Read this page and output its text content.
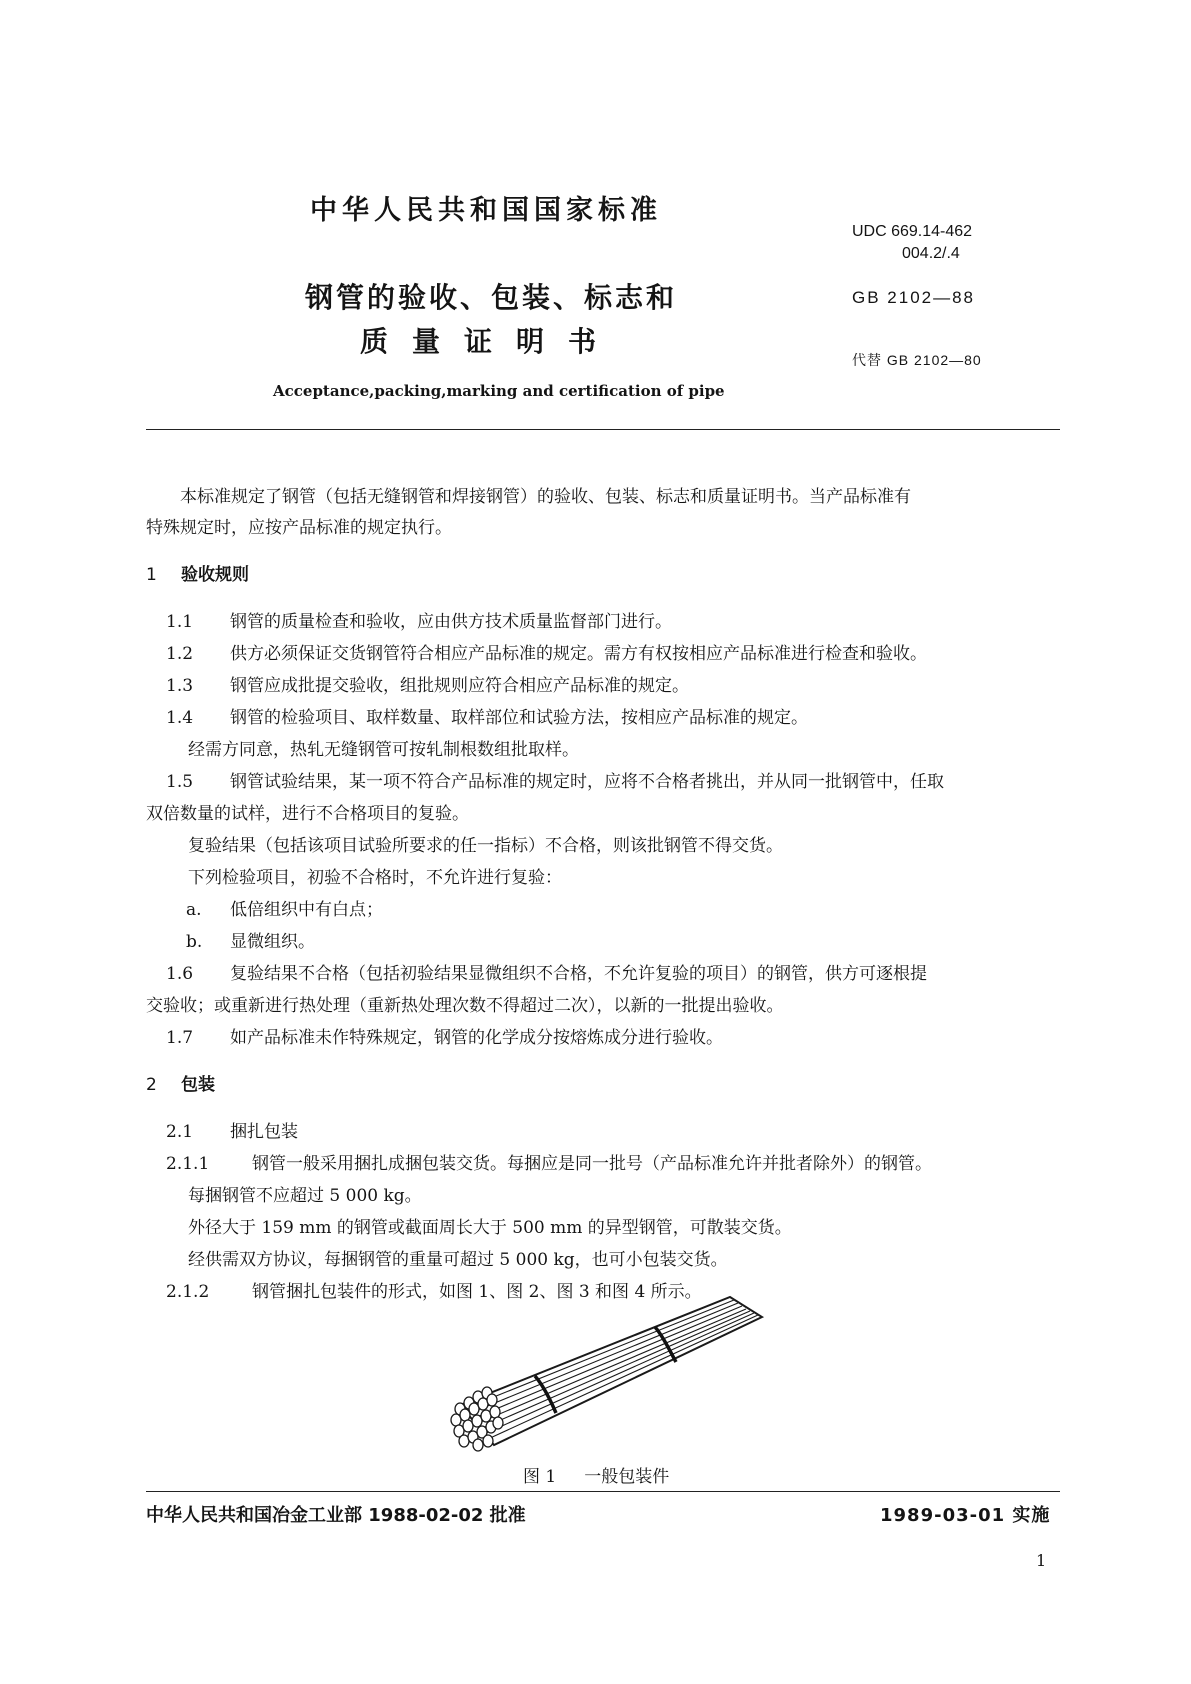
中华人民共和国国家标准
UDC 669.14-462
004.2/.4
钢管的验收、包装、标志和	GB 2102—88
质量证明书
代替 GB 2102—80
Acceptance,packing,marking and certification of pipe
本标准规定了钢管（包括无缝钢管和焊接钢管）的验收、包装、标志和质量证明书。当产品标准有
特殊规定时，应按产品标准的规定执行。
1 验收规则
1.1 钢管的质量检查和验收，应由供方技术质量监督部门进行。
1.2 供方必须保证交货钢管符合相应产品标准的规定。需方有权按相应产品标准进行检查和验收。
1.3 钢管应成批提交验收，组批规则应符合相应产品标准的规定。
1.4 钢管的检验项目、取样数量、取样部位和试验方法，按相应产品标准的规定。
经需方同意，热轧无缝钢管可按轧制根数组批取样。
1.5 钢管试验结果，某一项不符合产品标准的规定时，应将不合格者挑出，并从同一批钢管中，任取
双倍数量的试样，进行不合格项目的复验。
复验结果（包括该项目试验所要求的任一指标）不合格，则该批钢管不得交货。
下列检验项目，初验不合格时，不允许进行复验：
a. 低倍组织中有白点；
b. 显微组织。
1.6 复验结果不合格（包括初验结果显微组织不合格，不允许复验的项目）的钢管，供方可逐根提
交验收；或重新进行热处理（重新热处理次数不得超过二次），以新的一批提出验收。
1.7 如产品标准未作特殊规定，钢管的化学成分按熔炼成分进行验收。
2 包装
2.1 捆扎包装
2.1.1	钢管一般采用捆扎成捆包装交货。每捆应是同一批号（产品标准允许并批者除外）的钢管。
每捆钢管不应超过 5 000 kg。
外径大于 159 mm 的钢管或截面周长大于 500 mm 的异型钢管，可散装交货。
经供需双方协议，每捆钢管的重量可超过 5 000 kg，也可小包装交货。
2.1.2	钢管捆扎包装件的形式，如图 1、图 2、图 3 和图 4 所示。
图 1 一般包装件
中华人民共和国冶金工业部 1988-02-02 批准	1989-03-01 实施
1
